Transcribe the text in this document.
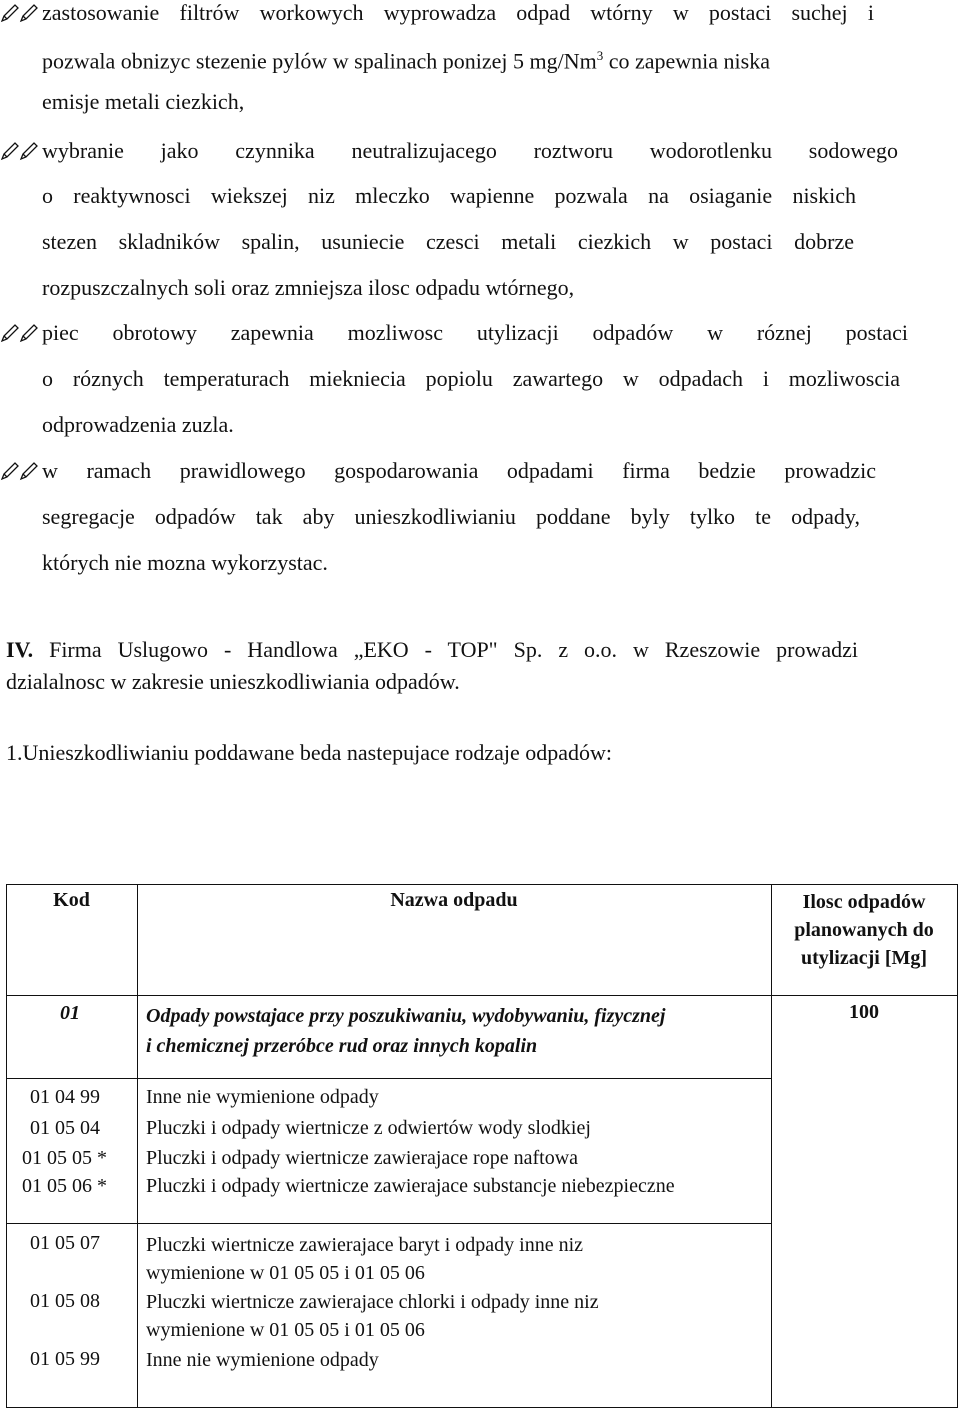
zastosowanie filtrów workowych wyprowadza odpad wtórny w postaci suchej i
pozwala obnizyc stezenie pylów w spalinach ponizej 5 mg/Nm$^3$ co zapewnia niska
emisje metali ciezkich,
wybranie jako czynnika neutralizujacego roztworu wodorotlenku sodowego
o reaktywnosci wiekszej niz mleczko wapienne pozwala na osiaganie niskich
stezen skladników spalin, usuniecie czesci metali ciezkich w postaci dobrze
rozpuszczalnych soli oraz zmniejsza ilosc odpadu wtórnego,
piec obrotowy zapewnia mozliwosc utylizacji odpadów w róznej postaci
o róznych temperaturach miekniecia popiolu zawartego w odpadach i mozliwoscia
odprowadzenia zuzla.
w ramach prawidlowego gospodarowania odpadami firma bedzie prowadzic
segregacje odpadów tak aby unieszkodliwianiu poddane byly tylko te odpady,
których nie mozna wykorzystac.
IV. Firma Uslugowo - Handlowa „EKO - TOP" Sp. z o.o. w Rzeszowie prowadzi
dzialalnosc w zakresie unieszkodliwiania odpadów.
1.Unieszkodliwianiu poddawane beda nastepujace rodzaje odpadów:
Kod	Nazwa odpadu	Ilosc odpadów
planowanych do
utylizacji [Mg]
01	Odpady powstajace przy poszukiwaniu, wydobywaniu, fizycznej
i chemicznej przeróbce rud oraz innych kopalin
100
01 04 99 Inne nie wymienione odpady
01 05 04 Pluczki i odpady wiertnicze z odwiertów wody slodkiej
01 05 05 * Pluczki i odpady wiertnicze zawierajace rope naftowa
01 05 06 * Pluczki i odpady wiertnicze zawierajace substancje niebezpieczne
01 05 07 Pluczki wiertnicze zawierajace baryt i odpady inne niz
wymienione w 01 05 05 i 01 05 06
01 05 08 Pluczki wiertnicze zawierajace chlorki i odpady inne niz
wymienione w 01 05 05 i 01 05 06
01 05 99 Inne nie wymienione odpady
